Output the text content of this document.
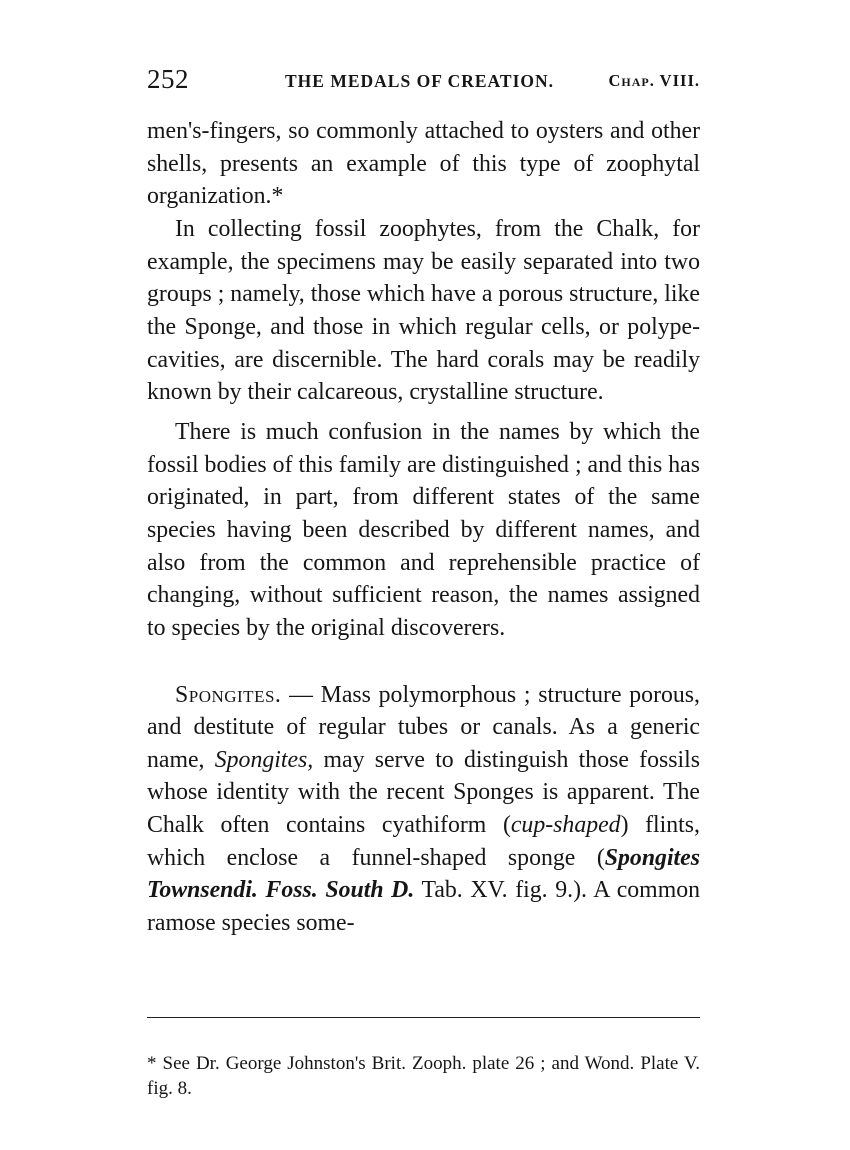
252	THE MEDALS OF CREATION.	Chap. VIII.

men's-fingers, so commonly attached to oysters and other shells, presents an example of this type of zoophytal organization.*

In collecting fossil zoophytes, from the Chalk, for example, the specimens may be easily separated into two groups ; namely, those which have a porous structure, like the Sponge, and those in which regular cells, or polype-cavities, are discernible. The hard corals may be readily known by their calcareous, crystalline structure.

There is much confusion in the names by which the fossil bodies of this family are distinguished ; and this has originated, in part, from different states of the same species having been described by different names, and also from the common and reprehensible practice of changing, without sufficient reason, the names assigned to species by the original discoverers.

Spongites. — Mass polymorphous ; structure porous, and destitute of regular tubes or canals. As a generic name, Spongites, may serve to distinguish those fossils whose identity with the recent Sponges is apparent. The Chalk often contains cyathiform (cup-shaped) flints, which enclose a funnel-shaped sponge (Spongites Townsendi. Foss. South D. Tab. XV. fig. 9.). A common ramose species some-

* See Dr. George Johnston's Brit. Zooph. plate 26 ; and Wond. Plate V. fig. 8.
